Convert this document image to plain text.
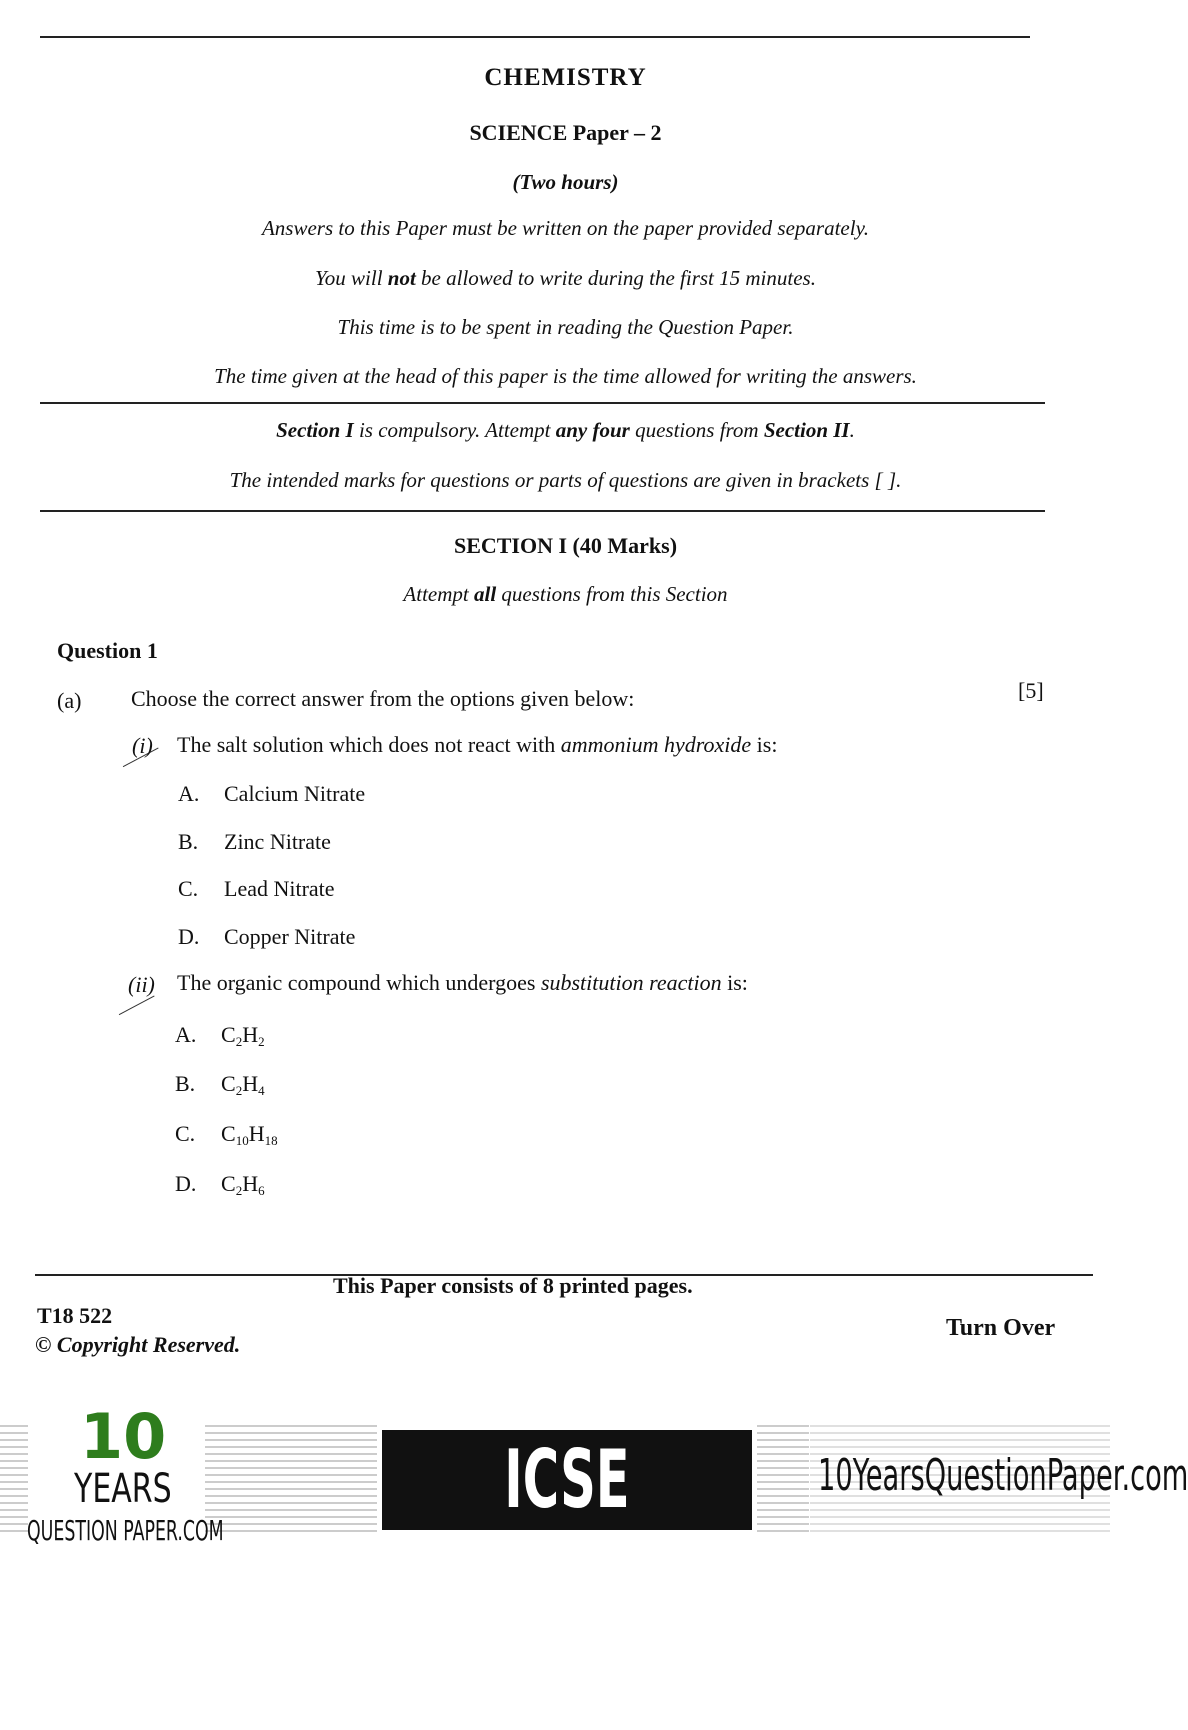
CHEMISTRY
SCIENCE Paper – 2
(Two hours)
Answers to this Paper must be written on the paper provided separately.
You will not be allowed to write during the first 15 minutes.
This time is to be spent in reading the Question Paper.
The time given at the head of this paper is the time allowed for writing the answers.
Section I is compulsory. Attempt any four questions from Section II.
The intended marks for questions or parts of questions are given in brackets [ ].
SECTION I (40 Marks)
Attempt all questions from this Section
Question 1
(a) Choose the correct answer from the options given below:	[5]
(i) The salt solution which does not react with ammonium hydroxide is:
A. Calcium Nitrate
B. Zinc Nitrate
C. Lead Nitrate
D. Copper Nitrate
(ii) The organic compound which undergoes substitution reaction is:
A. $C_2H_2$
B. $C_2H_4$
C. $C_{10}H_{18}$
D. $C_2H_6$
This Paper consists of 8 printed pages.
T18 522
© Copyright Reserved.
Turn Over
10
YEARS
QUESTION PAPER.COM
ICSE BOARD X
10YearsQuestionPaper.com
